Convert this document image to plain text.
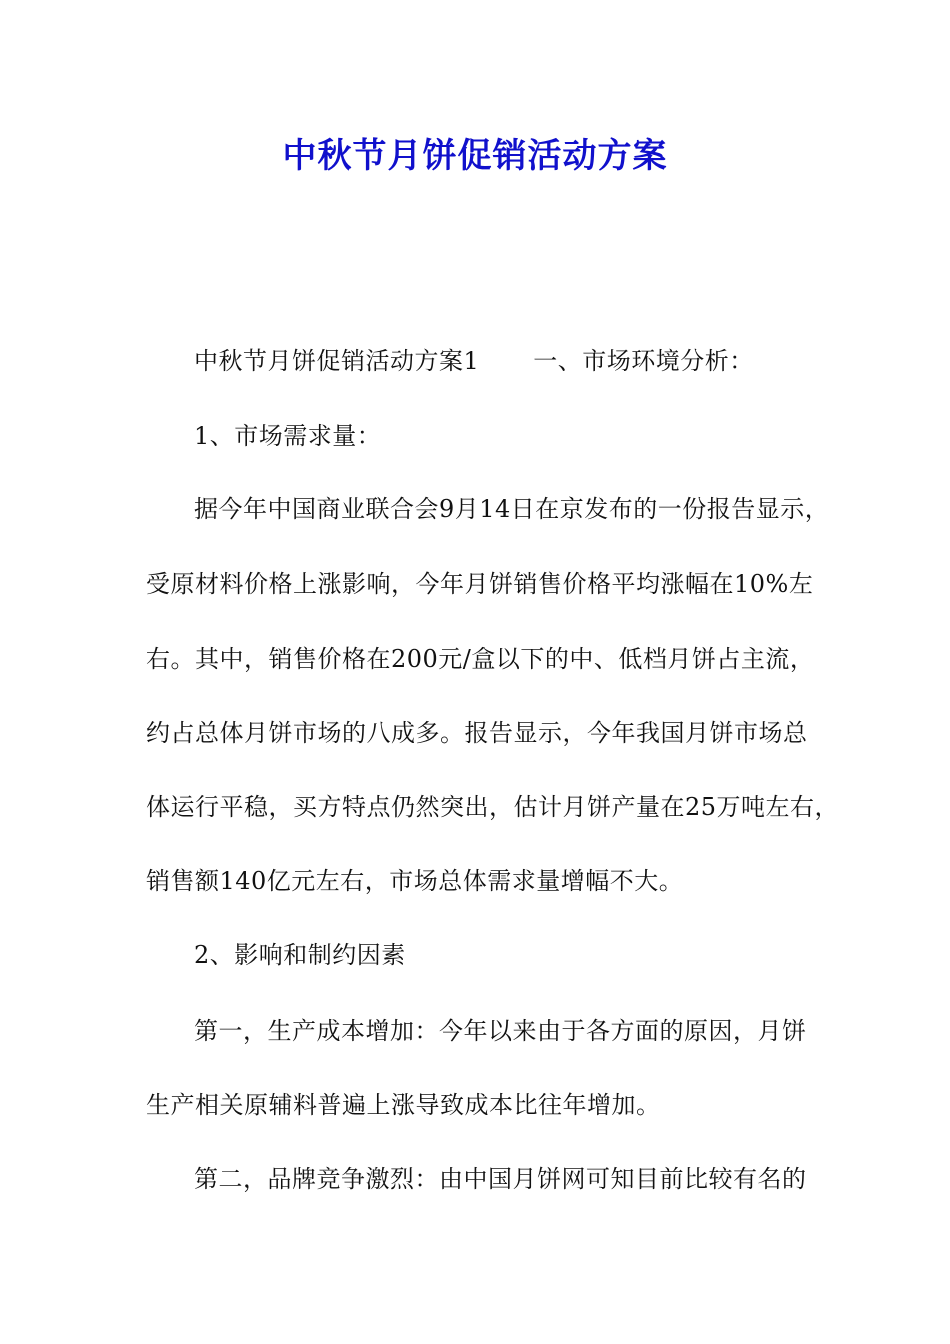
中秋节月饼促销活动方案
中秋节月饼促销活动方案1 一、市场环境分析：
1、市场需求量：
据今年中国商业联合会9月14日在京发布的一份报告显示，
受原材料价格上涨影响，今年月饼销售价格平均涨幅在10%左
右。其中，销售价格在200元/盒以下的中、低档月饼占主流，
约占总体月饼市场的八成多。报告显示，今年我国月饼市场总
体运行平稳，买方特点仍然突出，估计月饼产量在25万吨左右，
销售额140亿元左右，市场总体需求量增幅不大。
2、影响和制约因素
第一，生产成本增加：今年以来由于各方面的原因，月饼
生产相关原辅料普遍上涨导致成本比往年增加。
第二，品牌竞争激烈：由中国月饼网可知目前比较有名的
